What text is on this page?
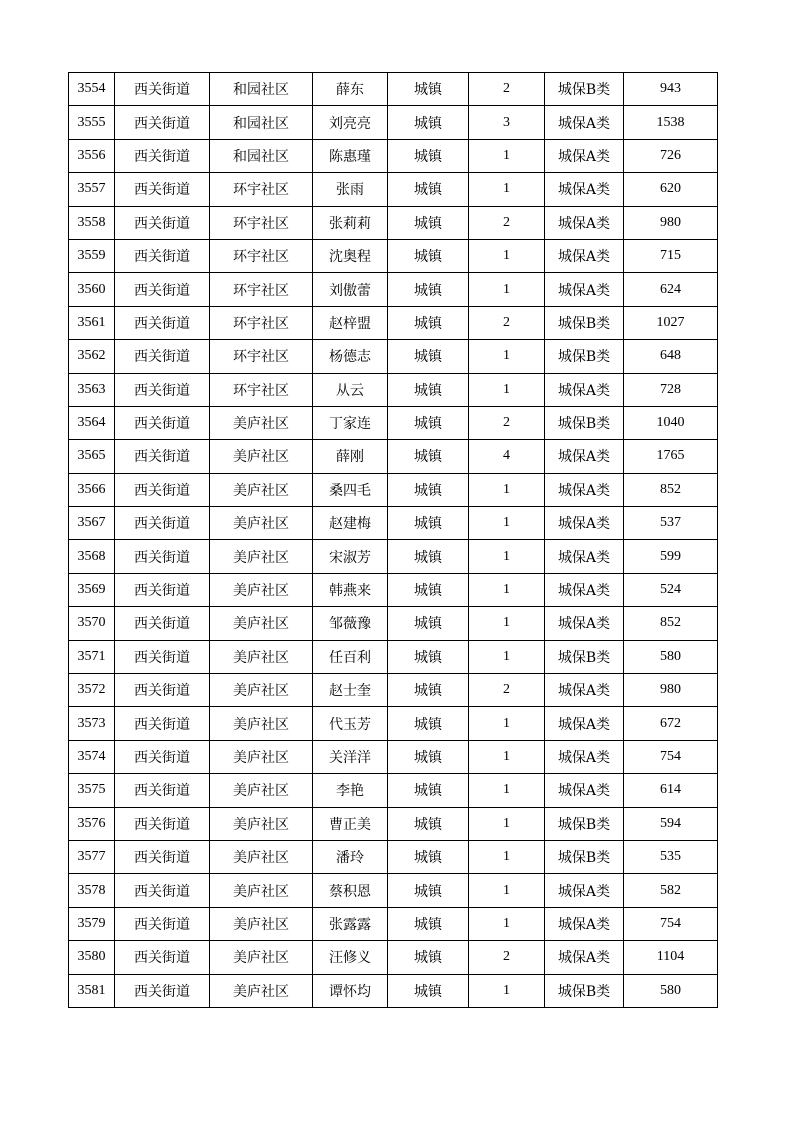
3554	西关街道	和园社区	薛东	城镇	2	城保B类	943
3555	西关街道	和园社区	刘亮亮	城镇	3	城保A类	1538
3556	西关街道	和园社区	陈惠瑾	城镇	1	城保A类	726
3557	西关街道	环宇社区	张雨	城镇	1	城保A类	620
3558	西关街道	环宇社区	张莉莉	城镇	2	城保A类	980
3559	西关街道	环宇社区	沈奥程	城镇	1	城保A类	715
3560	西关街道	环宇社区	刘傲蕾	城镇	1	城保A类	624
3561	西关街道	环宇社区	赵梓盟	城镇	2	城保B类	1027
3562	西关街道	环宇社区	杨德志	城镇	1	城保B类	648
3563	西关街道	环宇社区	从云	城镇	1	城保A类	728
3564	西关街道	美庐社区	丁家连	城镇	2	城保B类	1040
3565	西关街道	美庐社区	薛刚	城镇	4	城保A类	1765
3566	西关街道	美庐社区	桑四毛	城镇	1	城保A类	852
3567	西关街道	美庐社区	赵建梅	城镇	1	城保A类	537
3568	西关街道	美庐社区	宋淑芳	城镇	1	城保A类	599
3569	西关街道	美庐社区	韩燕来	城镇	1	城保A类	524
3570	西关街道	美庐社区	邹薇豫	城镇	1	城保A类	852
3571	西关街道	美庐社区	任百利	城镇	1	城保B类	580
3572	西关街道	美庐社区	赵士奎	城镇	2	城保A类	980
3573	西关街道	美庐社区	代玉芳	城镇	1	城保A类	672
3574	西关街道	美庐社区	关洋洋	城镇	1	城保A类	754
3575	西关街道	美庐社区	李艳	城镇	1	城保A类	614
3576	西关街道	美庐社区	曹正美	城镇	1	城保B类	594
3577	西关街道	美庐社区	潘玲	城镇	1	城保B类	535
3578	西关街道	美庐社区	蔡积恩	城镇	1	城保A类	582
3579	西关街道	美庐社区	张露露	城镇	1	城保A类	754
3580	西关街道	美庐社区	汪修义	城镇	2	城保A类	1104
3581	西关街道	美庐社区	谭怀均	城镇	1	城保B类	580
